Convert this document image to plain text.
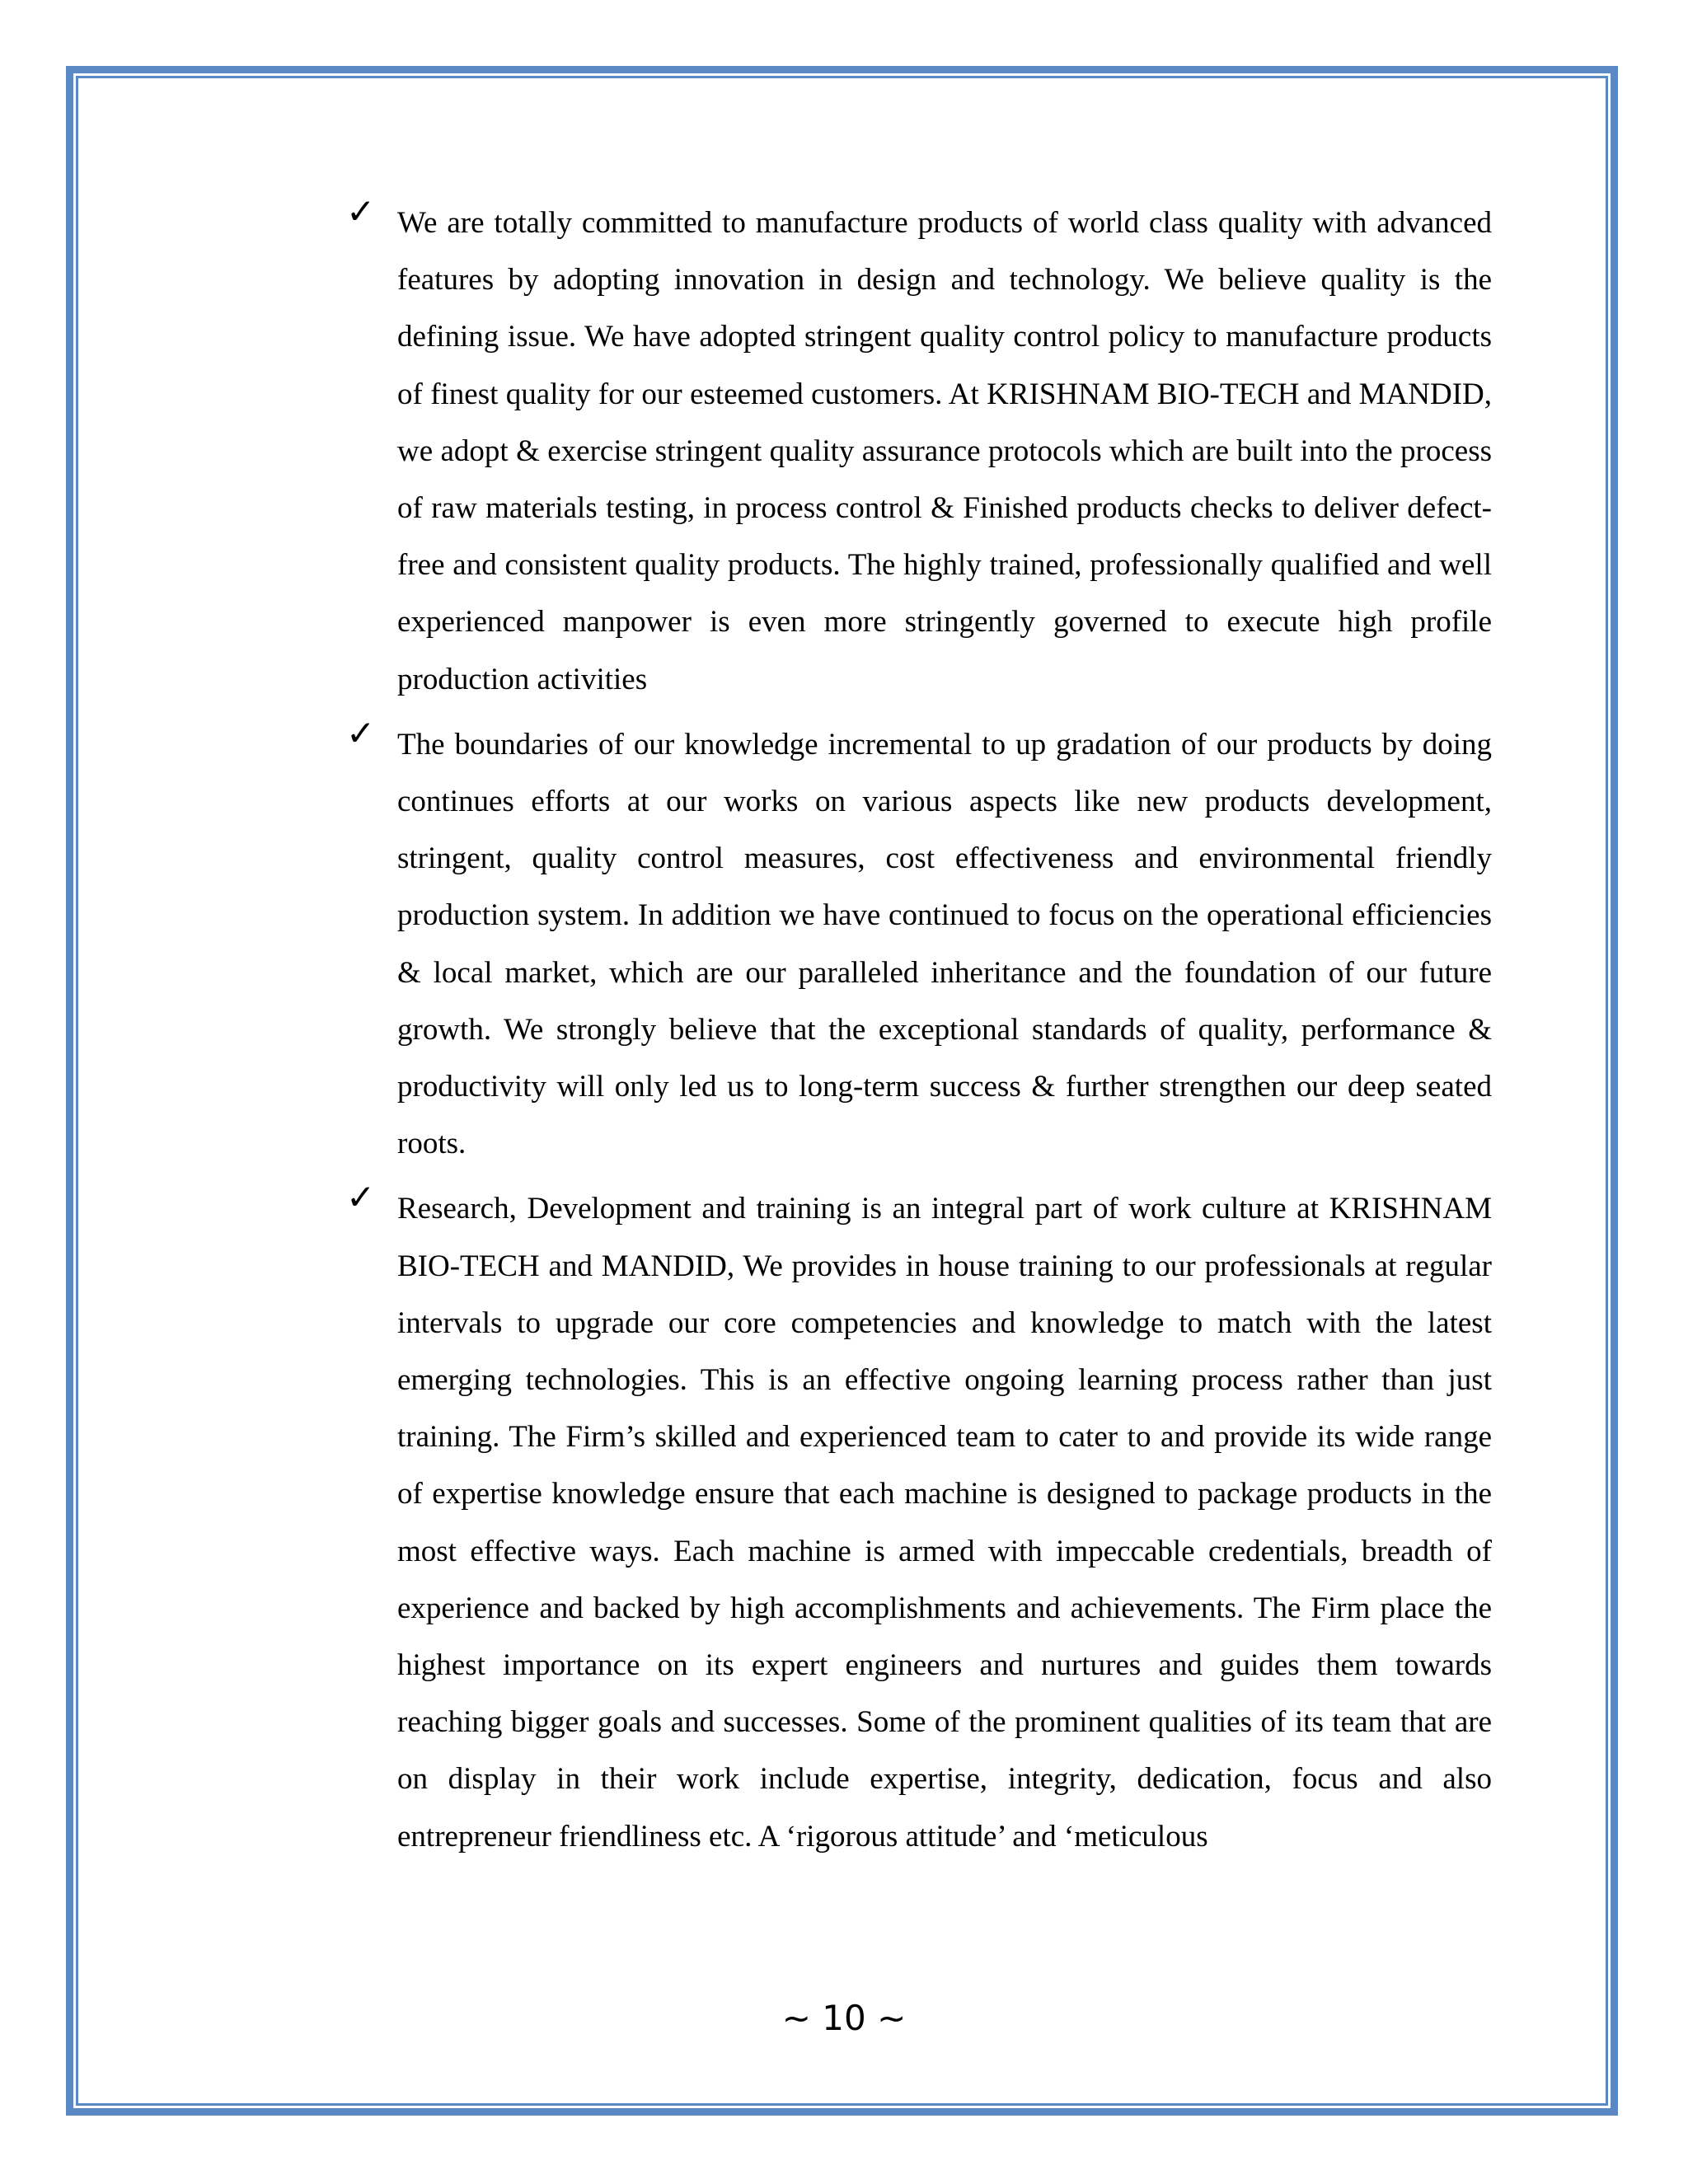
✓ We are totally committed to manufacture products of world class quality with advanced features by adopting innovation in design and technology. We believe quality is the defining issue. We have adopted stringent quality control policy to manufacture products of finest quality for our esteemed customers. At KRISHNAM BIO-TECH and MANDID, we adopt & exercise stringent quality assurance protocols which are built into the process of raw materials testing, in process control & Finished products checks to deliver defect-free and consistent quality products. The highly trained, professionally qualified and well experienced manpower is even more stringently governed to execute high profile production activities

✓ The boundaries of our knowledge incremental to up gradation of our products by doing continues efforts at our works on various aspects like new products development, stringent, quality control measures, cost effectiveness and environmental friendly production system. In addition we have continued to focus on the operational efficiencies & local market, which are our paralleled inheritance and the foundation of our future growth. We strongly believe that the exceptional standards of quality, performance & productivity will only led us to long-term success & further strengthen our deep seated roots.

✓ Research, Development and training is an integral part of work culture at KRISHNAM BIO-TECH and MANDID, We provides in house training to our professionals at regular intervals to upgrade our core competencies and knowledge to match with the latest emerging technologies. This is an effective ongoing learning process rather than just training. The Firm’s skilled and experienced team to cater to and provide its wide range of expertise knowledge ensure that each machine is designed to package products in the most effective ways. Each machine is armed with impeccable credentials, breadth of experience and backed by high accomplishments and achievements. The Firm place the highest importance on its expert engineers and nurtures and guides them towards reaching bigger goals and successes. Some of the prominent qualities of its team that are on display in their work include expertise, integrity, dedication, focus and also entrepreneur friendliness etc. A ‘rigorous attitude’ and ‘meticulous

~ 10 ~
